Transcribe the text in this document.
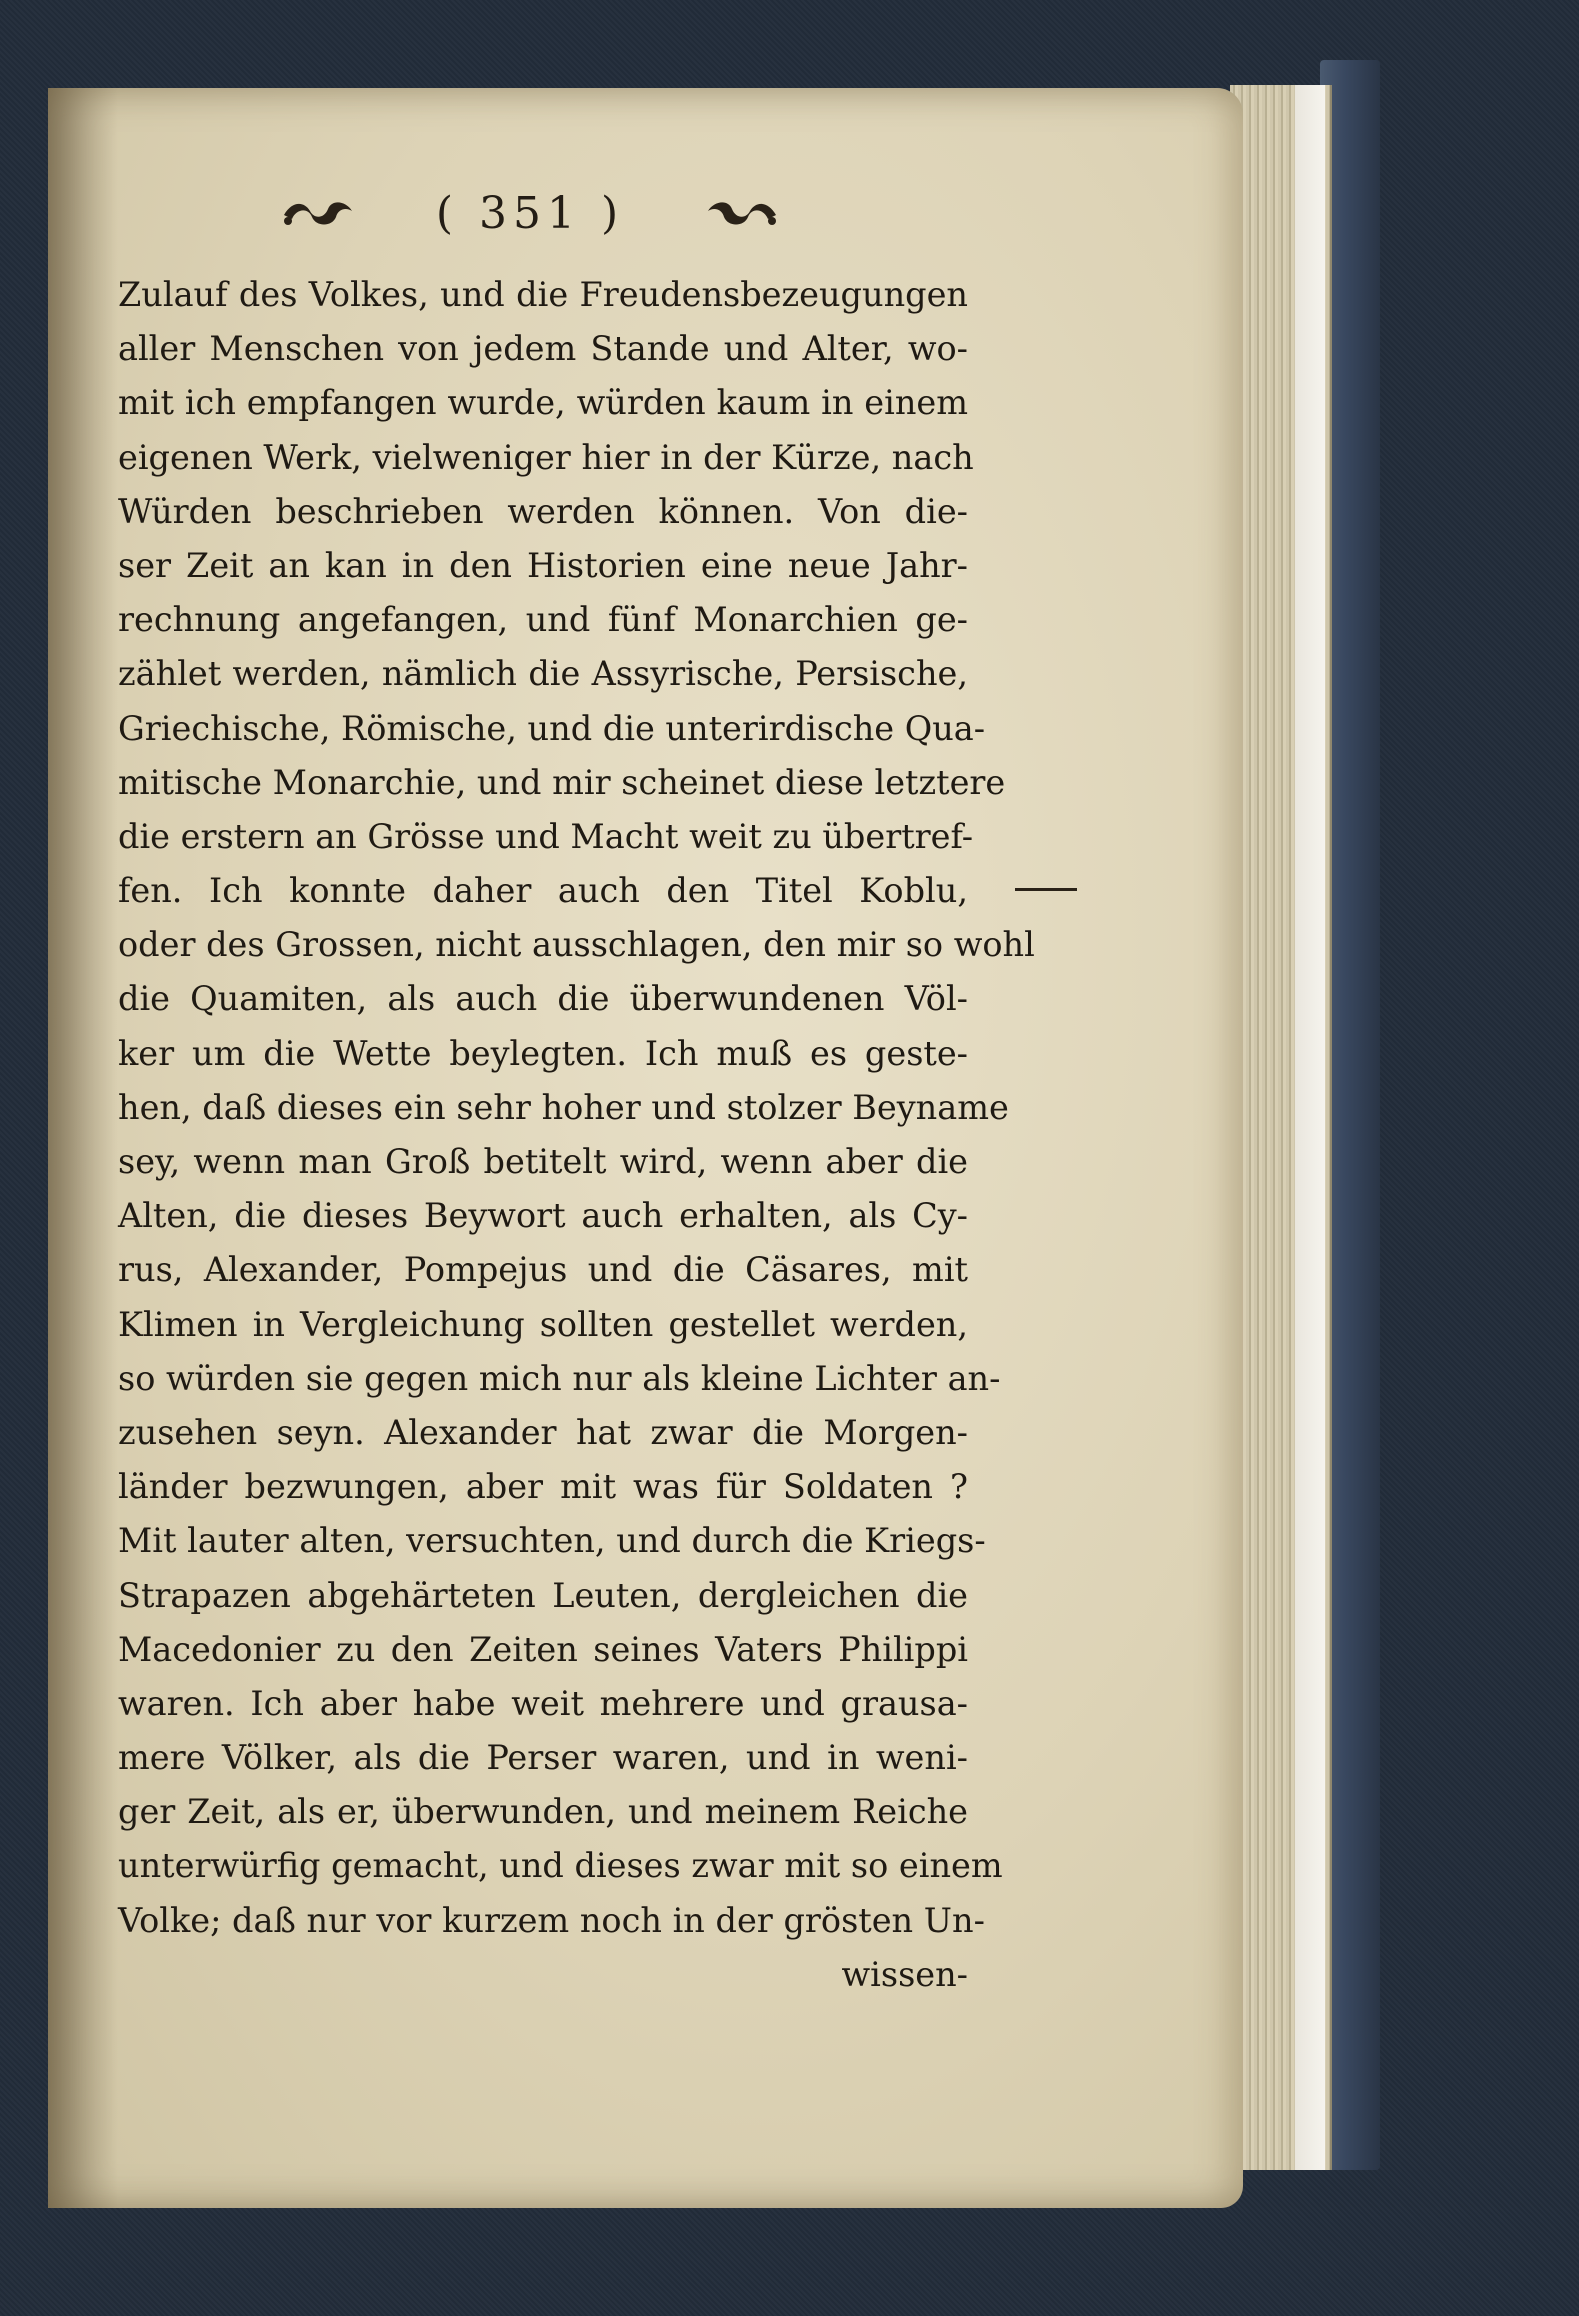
( 351 )
Zulauf des Volkes, und die Freudensbezeugungen
aller Menschen von jedem Stande und Alter, wo-
mit ich empfangen wurde, würden kaum in einem
eigenen Werk, vielweniger hier in der Kürze, nach
Würden beschrieben werden können. Von die-
ser Zeit an kan in den Historien eine neue Jahr-
rechnung angefangen, und fünf Monarchien ge-
zählet werden, nämlich die Assyrische, Persische,
Griechische, Römische, und die unterirdische Qua-
mitische Monarchie, und mir scheinet diese letztere
die erstern an Grösse und Macht weit zu übertref-
fen. Ich konnte daher auch den Titel Koblu,
oder des Grossen, nicht ausschlagen, den mir so wohl
die Quamiten, als auch die überwundenen Völ-
ker um die Wette beylegten. Ich muß es geste-
hen, daß dieses ein sehr hoher und stolzer Beyname
sey, wenn man Groß betitelt wird, wenn aber die
Alten, die dieses Beywort auch erhalten, als Cy-
rus, Alexander, Pompejus und die Cäsares, mit
Klimen in Vergleichung sollten gestellet werden,
so würden sie gegen mich nur als kleine Lichter an-
zusehen seyn. Alexander hat zwar die Morgen-
länder bezwungen, aber mit was für Soldaten ?
Mit lauter alten, versuchten, und durch die Kriegs-
Strapazen abgehärteten Leuten, dergleichen die
Macedonier zu den Zeiten seines Vaters Philippi
waren. Ich aber habe weit mehrere und grausa-
mere Völker, als die Perser waren, und in weni-
ger Zeit, als er, überwunden, und meinem Reiche
unterwürfig gemacht, und dieses zwar mit so einem
Volke; daß nur vor kurzem noch in der grösten Un-
wissen-
